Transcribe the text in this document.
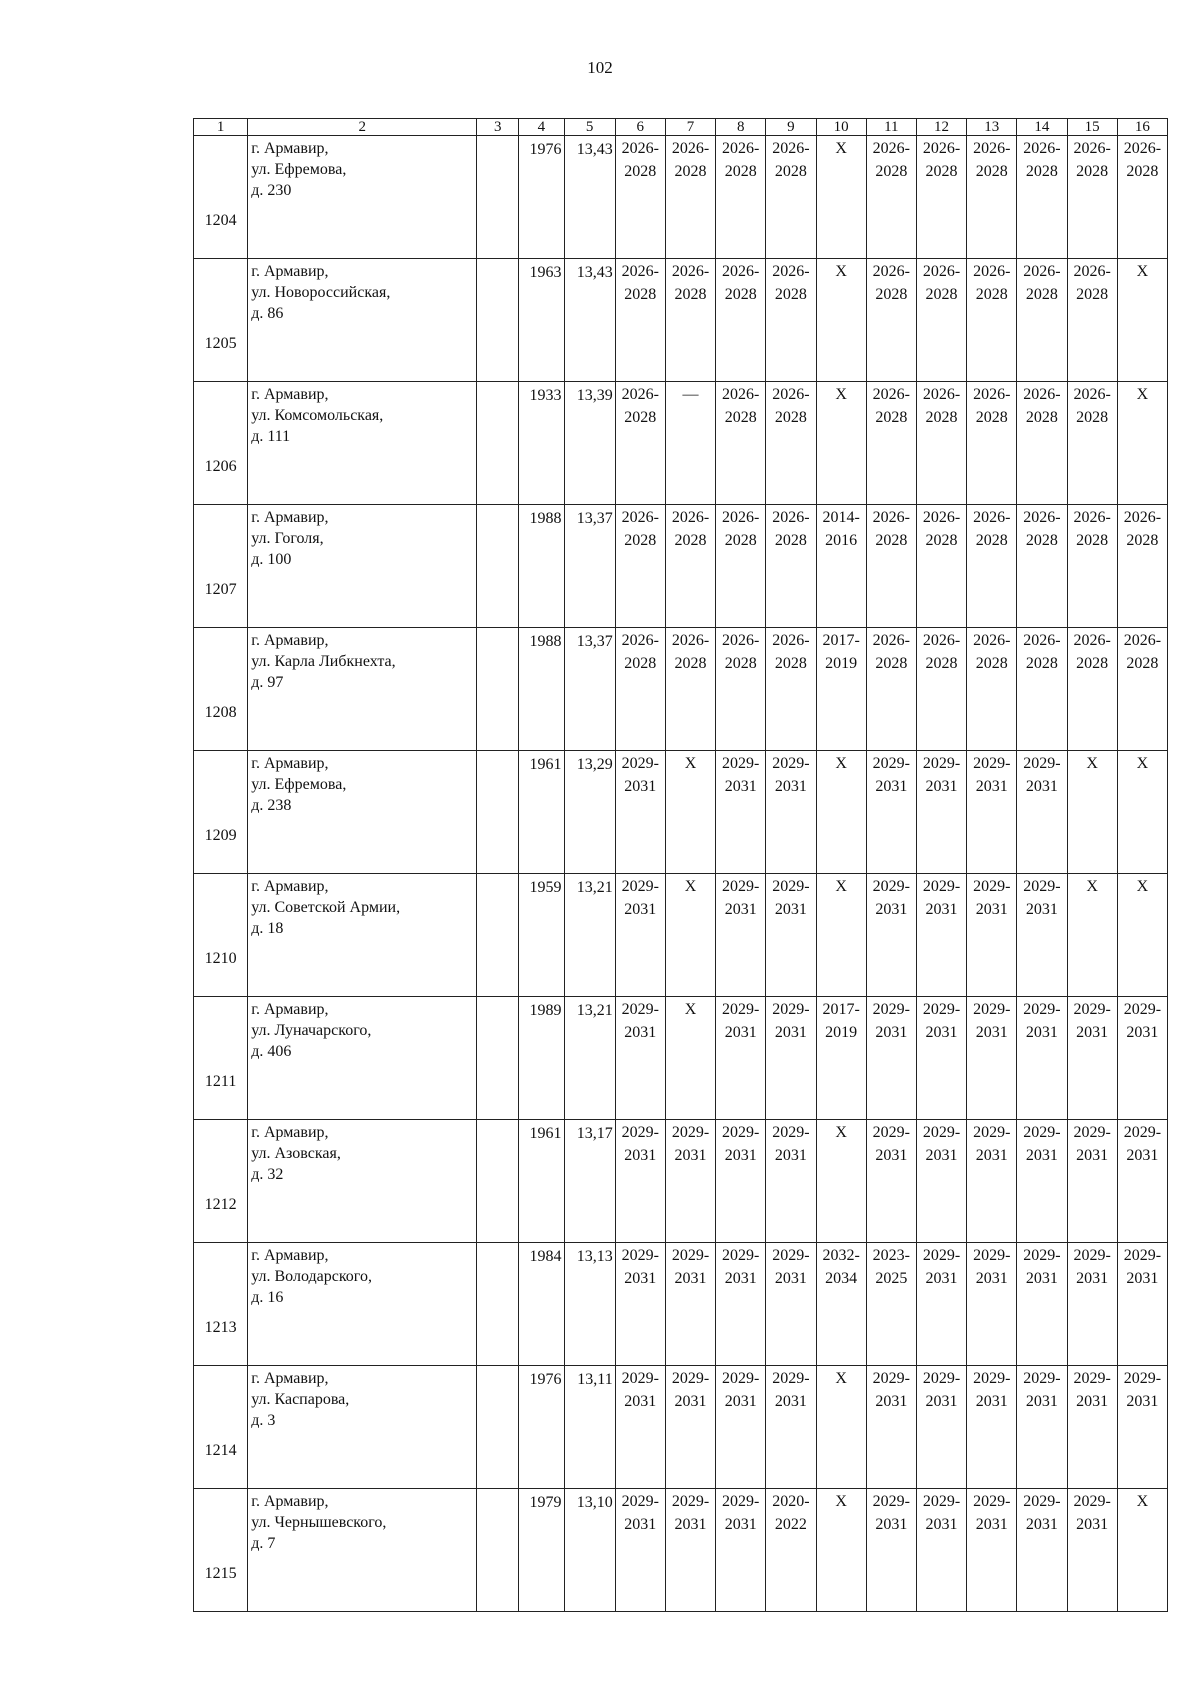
102
1	2	3	4	5	6	7	8	9	10	11	12	13	14	15	16

1204	г. Армавир,
ул. Ефремова,
д. 230		1976	13,43	2026-
2028	2026-
2028	2026-
2028	2026-
2028	X	2026-
2028	2026-
2028	2026-
2028	2026-
2028	2026-
2028	2026-
2028

1205	г. Армавир,
ул. Новороссийская,
д. 86		1963	13,43	2026-
2028	2026-
2028	2026-
2028	2026-
2028	X	2026-
2028	2026-
2028	2026-
2028	2026-
2028	2026-
2028	X

1206	г. Армавир,
ул. Комсомольская,
д. 111		1933	13,39	2026-
2028	—	2026-
2028	2026-
2028	X	2026-
2028	2026-
2028	2026-
2028	2026-
2028	2026-
2028	X

1207	г. Армавир,
ул. Гоголя,
д. 100		1988	13,37	2026-
2028	2026-
2028	2026-
2028	2026-
2028	2014-
2016	2026-
2028	2026-
2028	2026-
2028	2026-
2028	2026-
2028	2026-
2028

1208	г. Армавир,
ул. Карла Либкнехта,
д. 97		1988	13,37	2026-
2028	2026-
2028	2026-
2028	2026-
2028	2017-
2019	2026-
2028	2026-
2028	2026-
2028	2026-
2028	2026-
2028	2026-
2028

1209	г. Армавир,
ул. Ефремова,
д. 238		1961	13,29	2029-
2031	X	2029-
2031	2029-
2031	X	2029-
2031	2029-
2031	2029-
2031	2029-
2031	X	X

1210	г. Армавир,
ул. Советской Армии,
д. 18		1959	13,21	2029-
2031	X	2029-
2031	2029-
2031	X	2029-
2031	2029-
2031	2029-
2031	2029-
2031	X	X

1211	г. Армавир,
ул. Луначарского,
д. 406		1989	13,21	2029-
2031	X	2029-
2031	2029-
2031	2017-
2019	2029-
2031	2029-
2031	2029-
2031	2029-
2031	2029-
2031	2029-
2031

1212	г. Армавир,
ул. Азовская,
д. 32		1961	13,17	2029-
2031	2029-
2031	2029-
2031	2029-
2031	X	2029-
2031	2029-
2031	2029-
2031	2029-
2031	2029-
2031	2029-
2031

1213	г. Армавир,
ул. Володарского,
д. 16		1984	13,13	2029-
2031	2029-
2031	2029-
2031	2029-
2031	2032-
2034	2023-
2025	2029-
2031	2029-
2031	2029-
2031	2029-
2031	2029-
2031

1214	г. Армавир,
ул. Каспарова,
д. 3		1976	13,11	2029-
2031	2029-
2031	2029-
2031	2029-
2031	X	2029-
2031	2029-
2031	2029-
2031	2029-
2031	2029-
2031	2029-
2031

1215	г. Армавир,
ул. Чернышевского,
д. 7		1979	13,10	2029-
2031	2029-
2031	2029-
2031	2020-
2022	X	2029-
2031	2029-
2031	2029-
2031	2029-
2031	2029-
2031	X
